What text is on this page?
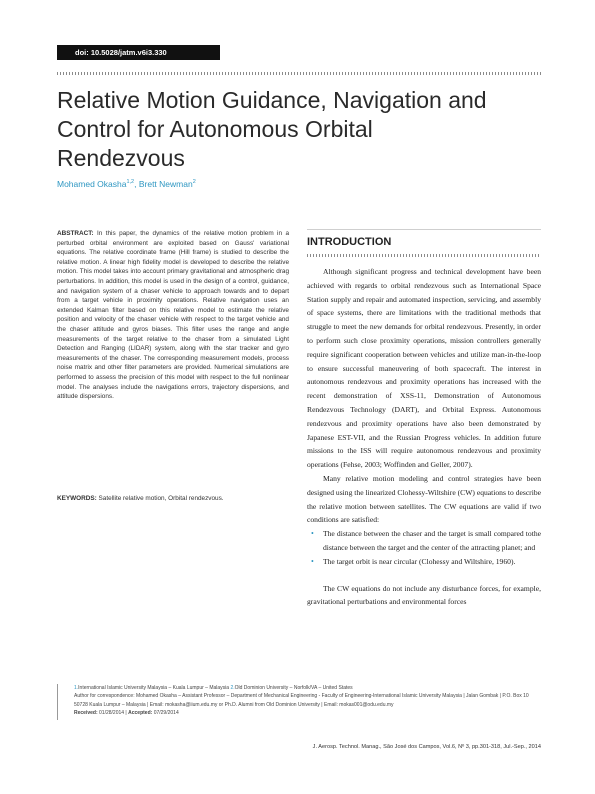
doi: 10.5028/jatm.v6i3.330
Relative Motion Guidance, Navigation and Control for Autonomous Orbital Rendezvous
Mohamed Okasha$^{1,2}$, Brett Newman$^2$

ABSTRACT: In this paper, the dynamics of the relative motion problem in a perturbed orbital environment are exploited based on Gauss' variational equations. The relative coordinate frame (Hill frame) is studied to describe the relative motion. A linear high fidelity model is developed to describe the relative motion. This model takes into account primary gravitational and atmospheric drag perturbations. In addition, this model is used in the design of a control, guidance, and navigation system of a chaser vehicle to approach towards and to depart from a target vehicle in proximity operations. Relative navigation uses an extended Kalman filter based on this relative model to estimate the relative position and velocity of the chaser vehicle with respect to the target vehicle and the chaser attitude and gyros biases. This filter uses the range and angle measurements of the target relative to the chaser from a simulated Light Detection and Ranging (LIDAR) system, along with the star tracker and gyro measurements of the chaser. The corresponding measurement models, process noise matrix and other filter parameters are provided. Numerical simulations are performed to assess the precision of this model with respect to the full nonlinear model. The analyses include the navigations errors, trajectory dispersions, and attitude dispersions.

KEYWORDS: Satellite relative motion, Orbital rendezvous.

INTRODUCTION

Although significant progress and technical development have been achieved with regards to orbital rendezvous such as International Space Station supply and repair and automated inspection, servicing, and assembly of space systems, there are limitations with the traditional methods that struggle to meet the new demands for orbital rendezvous. Presently, in order to perform such close proximity operations, mission controllers generally require significant cooperation between vehicles and utilize man-in-the-loop to ensure successful maneuvering of both spacecraft. The interest in autonomous rendezvous and proximity operations has increased with the recent demonstration of XSS-11, Demonstration of Autonomous Rendezvous Technology (DART), and Orbital Express. Autonomous rendezvous and proximity operations have also been demonstrated by Japanese EST-VII, and the Russian Progress vehicles. In addition future missions to the ISS will require autonomous rendezvous and proximity operations (Fehse, 2003; Woffinden and Geller, 2007).

Many relative motion modeling and control strategies have been designed using the linearized Clohessy-Wiltshire (CW) equations to describe the relative motion between satellites. The CW equations are valid if two conditions are satisfied:

• The distance between the chaser and the target is small compared tothe distance between the target and the center of the attracting planet; and
• The target orbit is near circular (Clohessy and Wiltshire, 1960).

The CW equations do not include any disturbance forces, for example, gravitational perturbations and environmental forces

1.International Islamic University Malaysia – Kuala Lumpur – Malaysia 2.Old Dominion University – Norfolk/VA – United States
Author for correspondence: Mohamed Okasha – Assistant Professor – Department of Mechanical Engineering - Faculty of Engineering-International Islamic University Malaysia | Jalan Gombak | P.O. Box 10 50728 Kuala Lumpur – Malaysia | Email: mokasha@iium.edu.my or Ph.D. Alumni from Old Dominion University | Email: mokas001@odu.edu.my
Received: 01/28/2014 | Accepted: 07/29/2014
J. Aerosp. Technol. Manag., São José dos Campos, Vol.6, Nº 3, pp.301-318, Jul.-Sep., 2014
